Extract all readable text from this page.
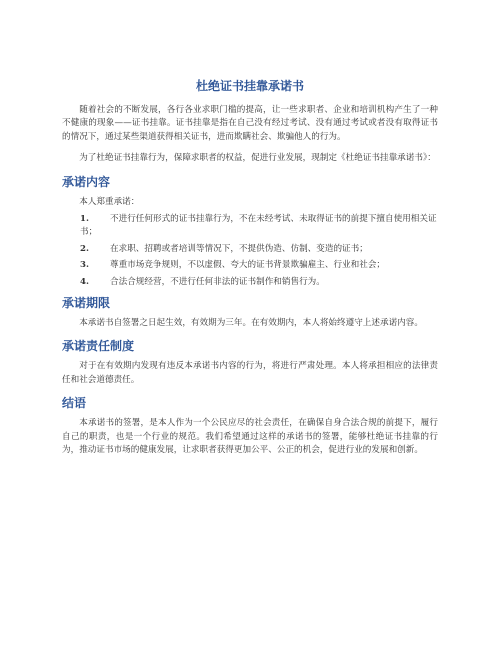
杜绝证书挂靠承诺书

随着社会的不断发展，各行各业求职门槛的提高，让一些求职者、企业和培训机构产生了一种不健康的现象——证书挂靠。证书挂靠是指在自己没有经过考试、没有通过考试或者没有取得证书的情况下，通过某些渠道获得相关证书，进而欺瞒社会、欺骗他人的行为。

为了杜绝证书挂靠行为，保障求职者的权益，促进行业发展，现制定《杜绝证书挂靠承诺书》：

承诺内容

本人郑重承诺：

1. 不进行任何形式的证书挂靠行为，不在未经考试、未取得证书的前提下擅自使用相关证书；
2. 在求职、招聘或者培训等情况下，不提供伪造、仿制、变造的证书；
3. 尊重市场竞争规则，不以虚假、夸大的证书背景欺骗雇主、行业和社会；
4. 合法合规经营，不进行任何非法的证书制作和销售行为。
承诺期限

本承诺书自签署之日起生效，有效期为三年。在有效期内，本人将始终遵守上述承诺内容。

承诺责任制度

对于在有效期内发现有违反本承诺书内容的行为，将进行严肃处理。本人将承担相应的法律责任和社会道德责任。

结语

本承诺书的签署，是本人作为一个公民应尽的社会责任，在确保自身合法合规的前提下，履行自己的职责，也是一个行业的规范。我们希望通过这样的承诺书的签署，能够杜绝证书挂靠的行为，推动证书市场的健康发展，让求职者获得更加公平、公正的机会，促进行业的发展和创新。
